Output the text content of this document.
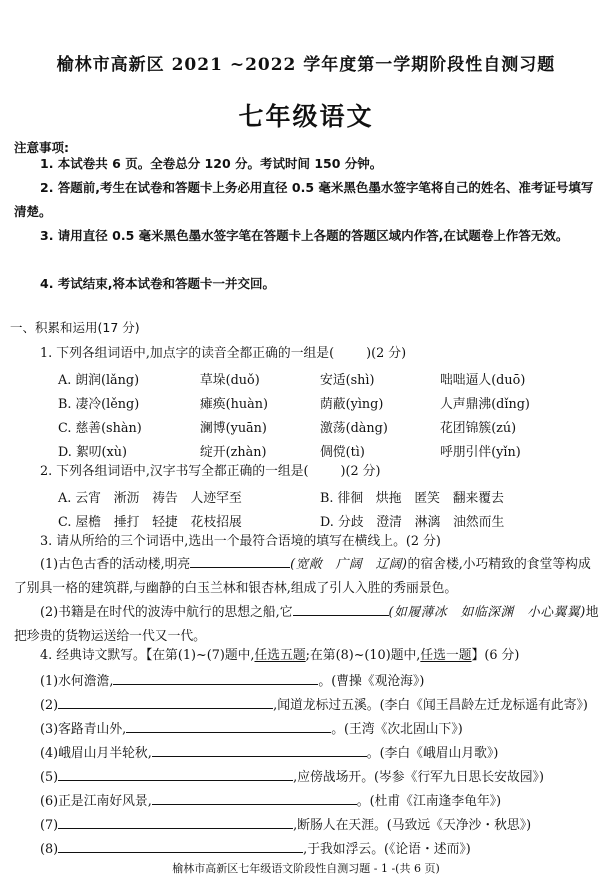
榆林市高新区 2021 ~2022 学年度第一学期阶段性自测习题
七年级语文
注意事项:
1. 本试卷共 6 页。全卷总分 120 分。考试时间 150 分钟。
2. 答题前,考生在试卷和答题卡上务必用直径 0.5 毫米黑色墨水签字笔将自己的姓名、准考证号填写清楚。
3. 请用直径 0.5 毫米黑色墨水签字笔在答题卡上各题的答题区域内作答,在试题卷上作答无效。
4. 考试结束,将本试卷和答题卡一并交回。
一、积累和运用(17 分)
1. 下列各组词语中,加点字的读音全都正确的一组是(	)(2 分)
A. 朗润(lǎng)	草垛(duǒ)	安适(shì)	咄咄逼人(duō)
B. 凄冷(lěng)	瘫痪(huàn)	荫蔽(yìng)	人声鼎沸(dǐng)
C. 慈善(shàn)	澜博(yuān)	激荡(dàng)	花团锦簇(zú)
D. 絮叨(xù)	绽开(zhàn)	倜傥(tì)	呼朋引伴(yǐn)
2. 下列各组词语中,汉字书写全都正确的一组是(	)(2 分)
A. 云宵　淅沥　祷告　人迹罕至	B. 徘徊　烘拖　匿笑　翻来覆去
C. 屋檐　捶打　轻捷　花枝招展	D. 分歧　澄清　淋漓　油然而生
3. 请从所给的三个词语中,选出一个最符合语境的填写在横线上。(2 分)
(1)古色古香的活动楼,明亮	(宽敞　广阔　辽阔)的宿舍楼,小巧精致的食堂等构成了别具一格的建筑群,与幽静的白玉兰林和银杏林,组成了引人入胜的秀丽景色。
(2)书籍是在时代的波涛中航行的思想之船,它	(如履薄冰　如临深渊　小心翼翼)地把珍贵的货物运送给一代又一代。
4. 经典诗文默写。【在第(1)~(7)题中,任选五题;在第(8)~(10)题中,任选一题】(6 分)
(1)水何澹澹,	。(曹操《观沧海》)
(2)	,闻道龙标过五溪。(李白《闻王昌龄左迁龙标遥有此寄》)
(3)客路青山外,	。(王湾《次北固山下》)
(4)峨眉山月半轮秋,	。(李白《峨眉山月歌》)
(5)	,应傍战场开。(岑参《行军九日思长安故园》)
(6)正是江南好风景,	。(杜甫《江南逢李龟年》)
(7)	,断肠人在天涯。(马致远《天净沙・秋思》)
(8)	,于我如浮云。(《论语・述而》)
榆林市高新区七年级语文阶段性自测习题 - 1 -(共 6 页)
